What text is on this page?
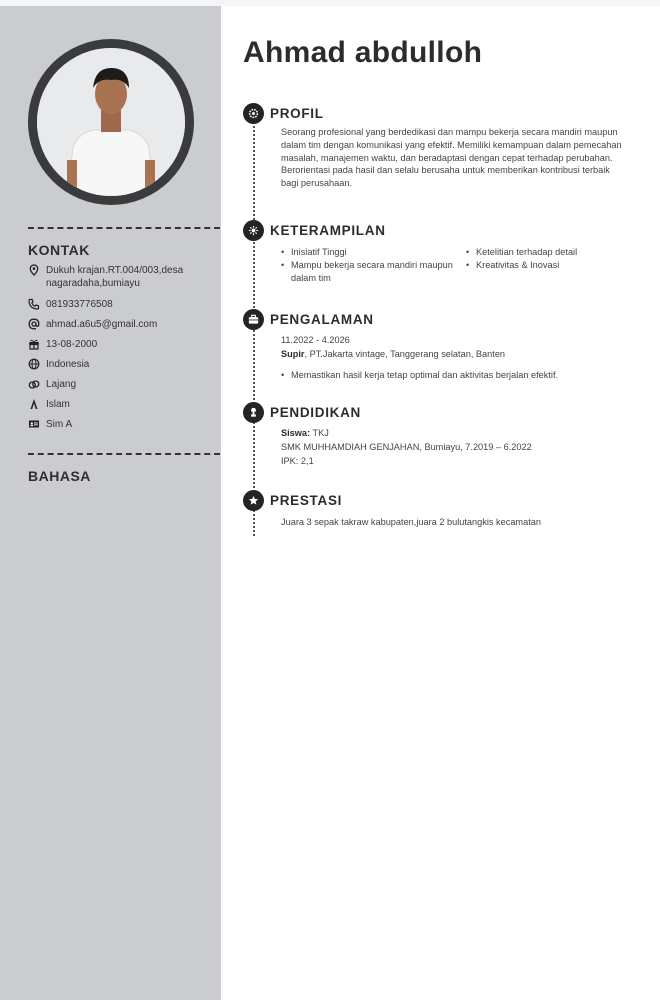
KONTAK
Dukuh krajan.RT.004/003,desa nagaradaha,bumiayu
081933776508
ahmad.a6u5@gmail.com
13-08-2000
Indonesia
Lajang
Islam
Sim A
BAHASA
Ahmad abdulloh
PROFIL
Seorang profesional yang berdedikasi dan mampu bekerja secara mandiri maupun dalam tim dengan komunikasi yang efektif. Memiliki kemampuan dalam pemecahan masalah, manajemen waktu, dan beradaptasi dengan cepat terhadap perubahan. Berorientasi pada hasil dan selalu berusaha untuk memberikan kontribusi terbaik bagi perusahaan.
KETERAMPILAN
• Inisiatif Tinggi
• Mampu bekerja secara mandiri maupun dalam tim
• Ketelitian terhadap detail
• Kreativitas & Inovasi
PENGALAMAN
11.2022 - 4.2026
Supir, PT.Jakarta vintage, Tanggerang selatan, Banten
• Memastikan hasil kerja tetap optimal dan aktivitas berjalan efektif.
PENDIDIKAN
Siswa: TKJ
SMK MUHHAMDIAH GENJAHAN, Bumiayu, 7.2019 – 6.2022
IPK: 2,1
PRESTASI
Juara 3 sepak takraw kabupaten,juara 2 bulutangkis kecamatan
